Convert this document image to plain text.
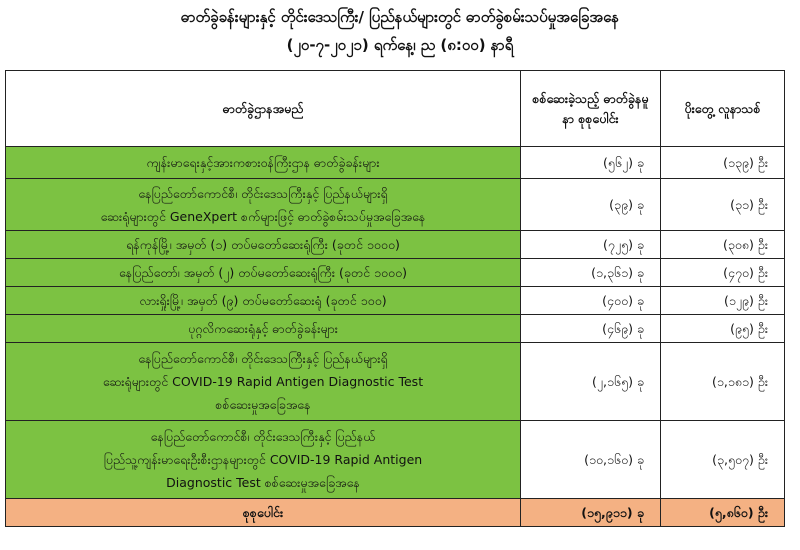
ဓာတ်ခွဲခန်းများနှင့် တိုင်းဒေသကြီး/ ပြည်နယ်များတွင် ဓာတ်ခွဲစမ်းသပ်မှုအခြေအနေ
(၂၀-၇-၂၀၂၁) ရက်နေ့၊ ည (၈:၀၀) နာရီ
ဓာတ်ခွဲဌာနအမည်	စစ်ဆေးခဲ့သည့် ဓာတ်ခွဲနမူနာ စုစုပေါင်း	ပိုးတွေ့ လူနာသစ်

ကျန်းမာရေးနှင့်အားကစားဝန်ကြီးဌာန ဓာတ်ခွဲခန်းများ	(၅၆၂) ခု	(၁၃၉) ဦး

နေပြည်တော်ကောင်စီ၊ တိုင်းဒေသကြီးနှင့် ပြည်နယ်များရှိ
ဆေးရုံများတွင် GeneXpert စက်များဖြင့် ဓာတ်ခွဲစမ်းသပ်မှုအခြေအနေ	(၃၉) ခု	(၃၁) ဦး

ရန်ကုန်မြို့၊ အမှတ် (၁) တပ်မတော်ဆေးရုံကြီး (ခုတင် ၁၀၀၀)	(၇၂၅) ခု	(၃၀၈) ဦး

နေပြည်တော်၊ အမှတ် (၂) တပ်မတော်ဆေးရုံကြီး (ခုတင် ၁၀၀၀)	(၁,၃၆၁) ခု	(၄၇၀) ဦး

လားရှိုးမြို့၊ အမှတ် (၉) တပ်မတော်ဆေးရုံ (ခုတင် ၁၀၀)	(၄၀၀) ခု	(၁၂၉) ဦး

ပုဂ္ဂလိကဆေးရုံနှင့် ဓာတ်ခွဲခန်းများ	(၄၆၉) ခု	(၉၅) ဦး

နေပြည်တော်ကောင်စီ၊ တိုင်းဒေသကြီးနှင့် ပြည်နယ်များရှိ
ဆေးရုံများတွင် COVID-19 Rapid Antigen Diagnostic Test
စစ်ဆေးမှုအခြေအနေ	(၂,၁၆၅) ခု	(၁,၁၈၁) ဦး

နေပြည်တော်ကောင်စီ၊ တိုင်းဒေသကြီးနှင့် ပြည်နယ်
ပြည်သူ့ကျန်းမာရေးဦးစီးဌာနများတွင် COVID-19 Rapid Antigen
Diagnostic Test စစ်ဆေးမှုအခြေအနေ	(၁၀,၁၆၀) ခု	(၃,၅၀၇) ဦး
စုစုပေါင်း	(၁၅,၉၁၁) ခု	(၅,၈၆၀) ဦး
